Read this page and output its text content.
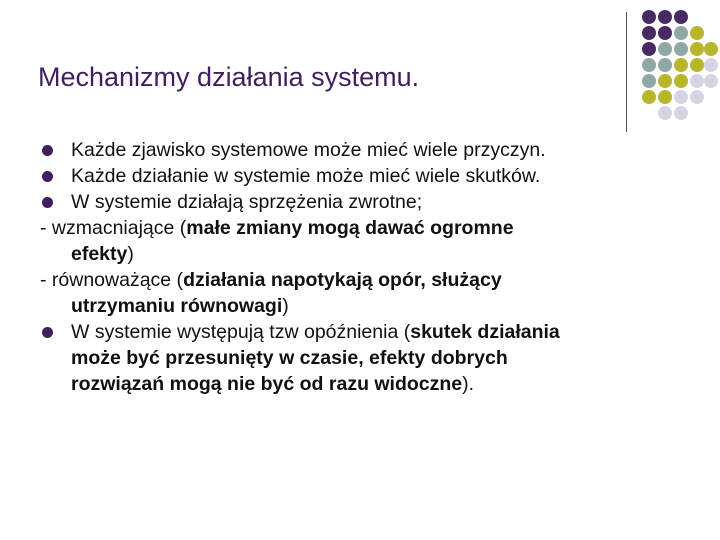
Mechanizmy działania systemu.
Każde zjawisko systemowe może mieć wiele przyczyn.
Każde działanie w systemie może mieć wiele skutków.
W systemie działają sprzężenia zwrotne;
- wzmacniające (małe zmiany mogą dawać ogromne
efekty)
- równoważące (działania napotykają opór, służący
utrzymaniu równowagi)
W systemie występują tzw opóźnienia (skutek działania
może być przesunięty w czasie, efekty dobrych
rozwiązań mogą nie być od razu widoczne).
